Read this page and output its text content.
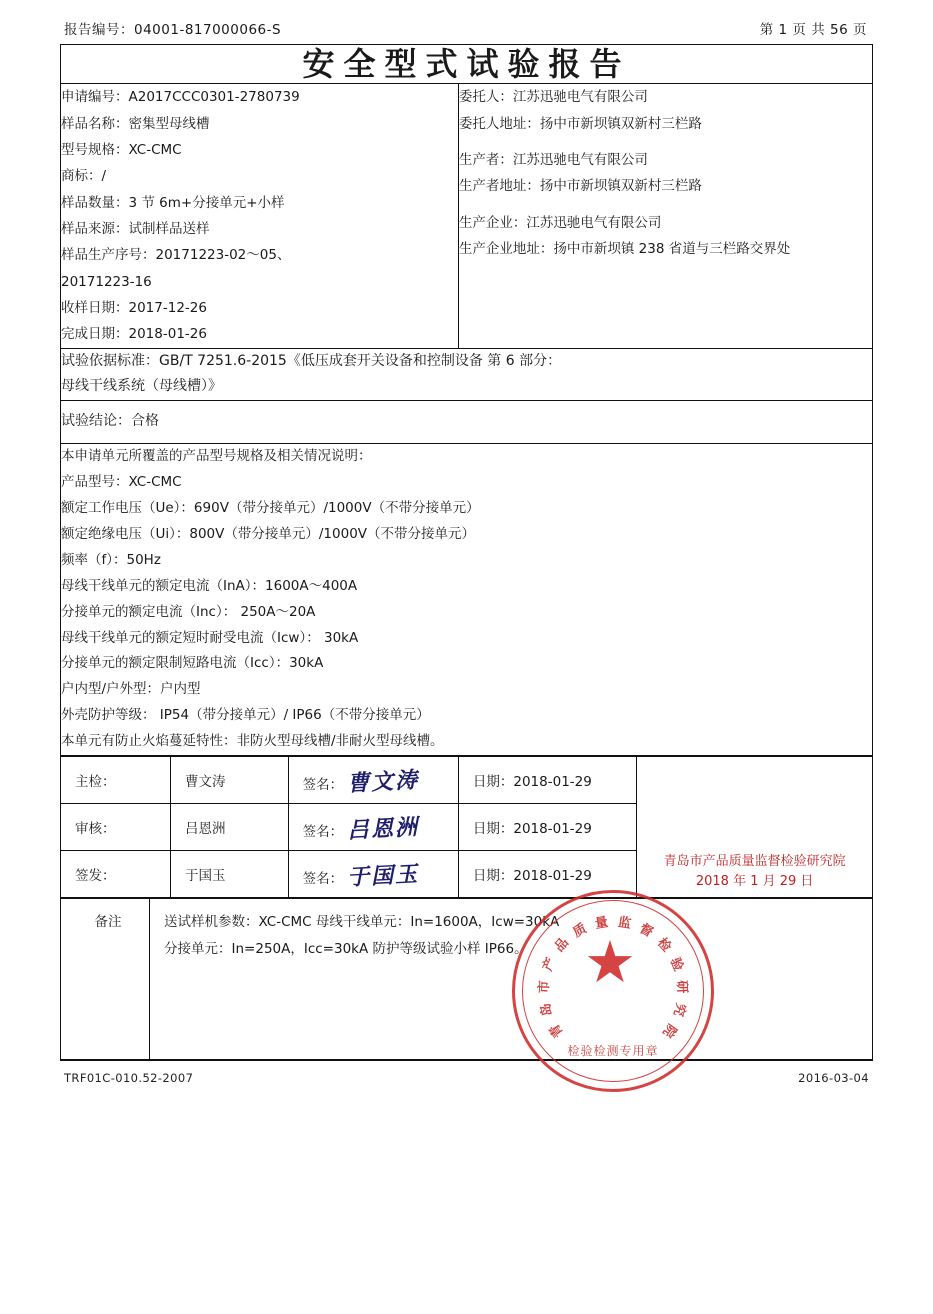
报告编号：04001-817000066-S	第 1 页 共 56 页
安全型式试验报告

申请编号：A2017CCC0301-2780739
样品名称：密集型母线槽
型号规格：XC-CMC
商标：/
样品数量：3 节 6m+分接单元+小样
样品来源：试制样品送样
样品生产序号：20171223-02～05、
20171223-16
收样日期：2017-12-26
完成日期：2018-01-26

委托人：江苏迅驰电气有限公司
委托人地址：扬中市新坝镇双新村三栏路
生产者：江苏迅驰电气有限公司
生产者地址：扬中市新坝镇双新村三栏路
生产企业：江苏迅驰电气有限公司
生产企业地址：扬中市新坝镇 238 省道与三栏路交界处

试验依据标准：GB/T 7251.6-2015《低压成套开关设备和控制设备 第 6 部分：
母线干线系统（母线槽）》

试验结论：合格

本申请单元所覆盖的产品型号规格及相关情况说明：
产品型号：XC-CMC
额定工作电压（Ue）：690V（带分接单元）/1000V（不带分接单元）
额定绝缘电压（Ui）：800V（带分接单元）/1000V（不带分接单元）
频率（f）：50Hz
母线干线单元的额定电流（InA）：1600A～400A
分接单元的额定电流（Inc）： 250A～20A
母线干线单元的额定短时耐受电流（Icw）： 30kA
分接单元的额定限制短路电流（Icc）：30kA
户内型/户外型：户内型
外壳防护等级： IP54（带分接单元）/ IP66（不带分接单元）
本单元有防止火焰蔓延特性：非防火型母线槽/非耐火型母线槽。

主检：	曹文涛	签名： 曹文涛	日期：2018-01-29	
青岛市产品质量监督检验研究院
2018 年 1 月 29 日

审核：	吕恩洲	签名： 吕恩洲	日期：2018-01-29
签发：	于国玉	签名： 于国玉	日期：2018-01-29

备注	送试样机参数：XC-CMC 母线干线单元：In=1600A，Icw=30kA
分接单元：In=250A，Icc=30kA 防护等级试验小样 IP66。
TRF01C-010.52-2007	2016-03-04
青
岛
市
产
品
质 量 监 督
检
验
研
究
院
检验检测专用章
